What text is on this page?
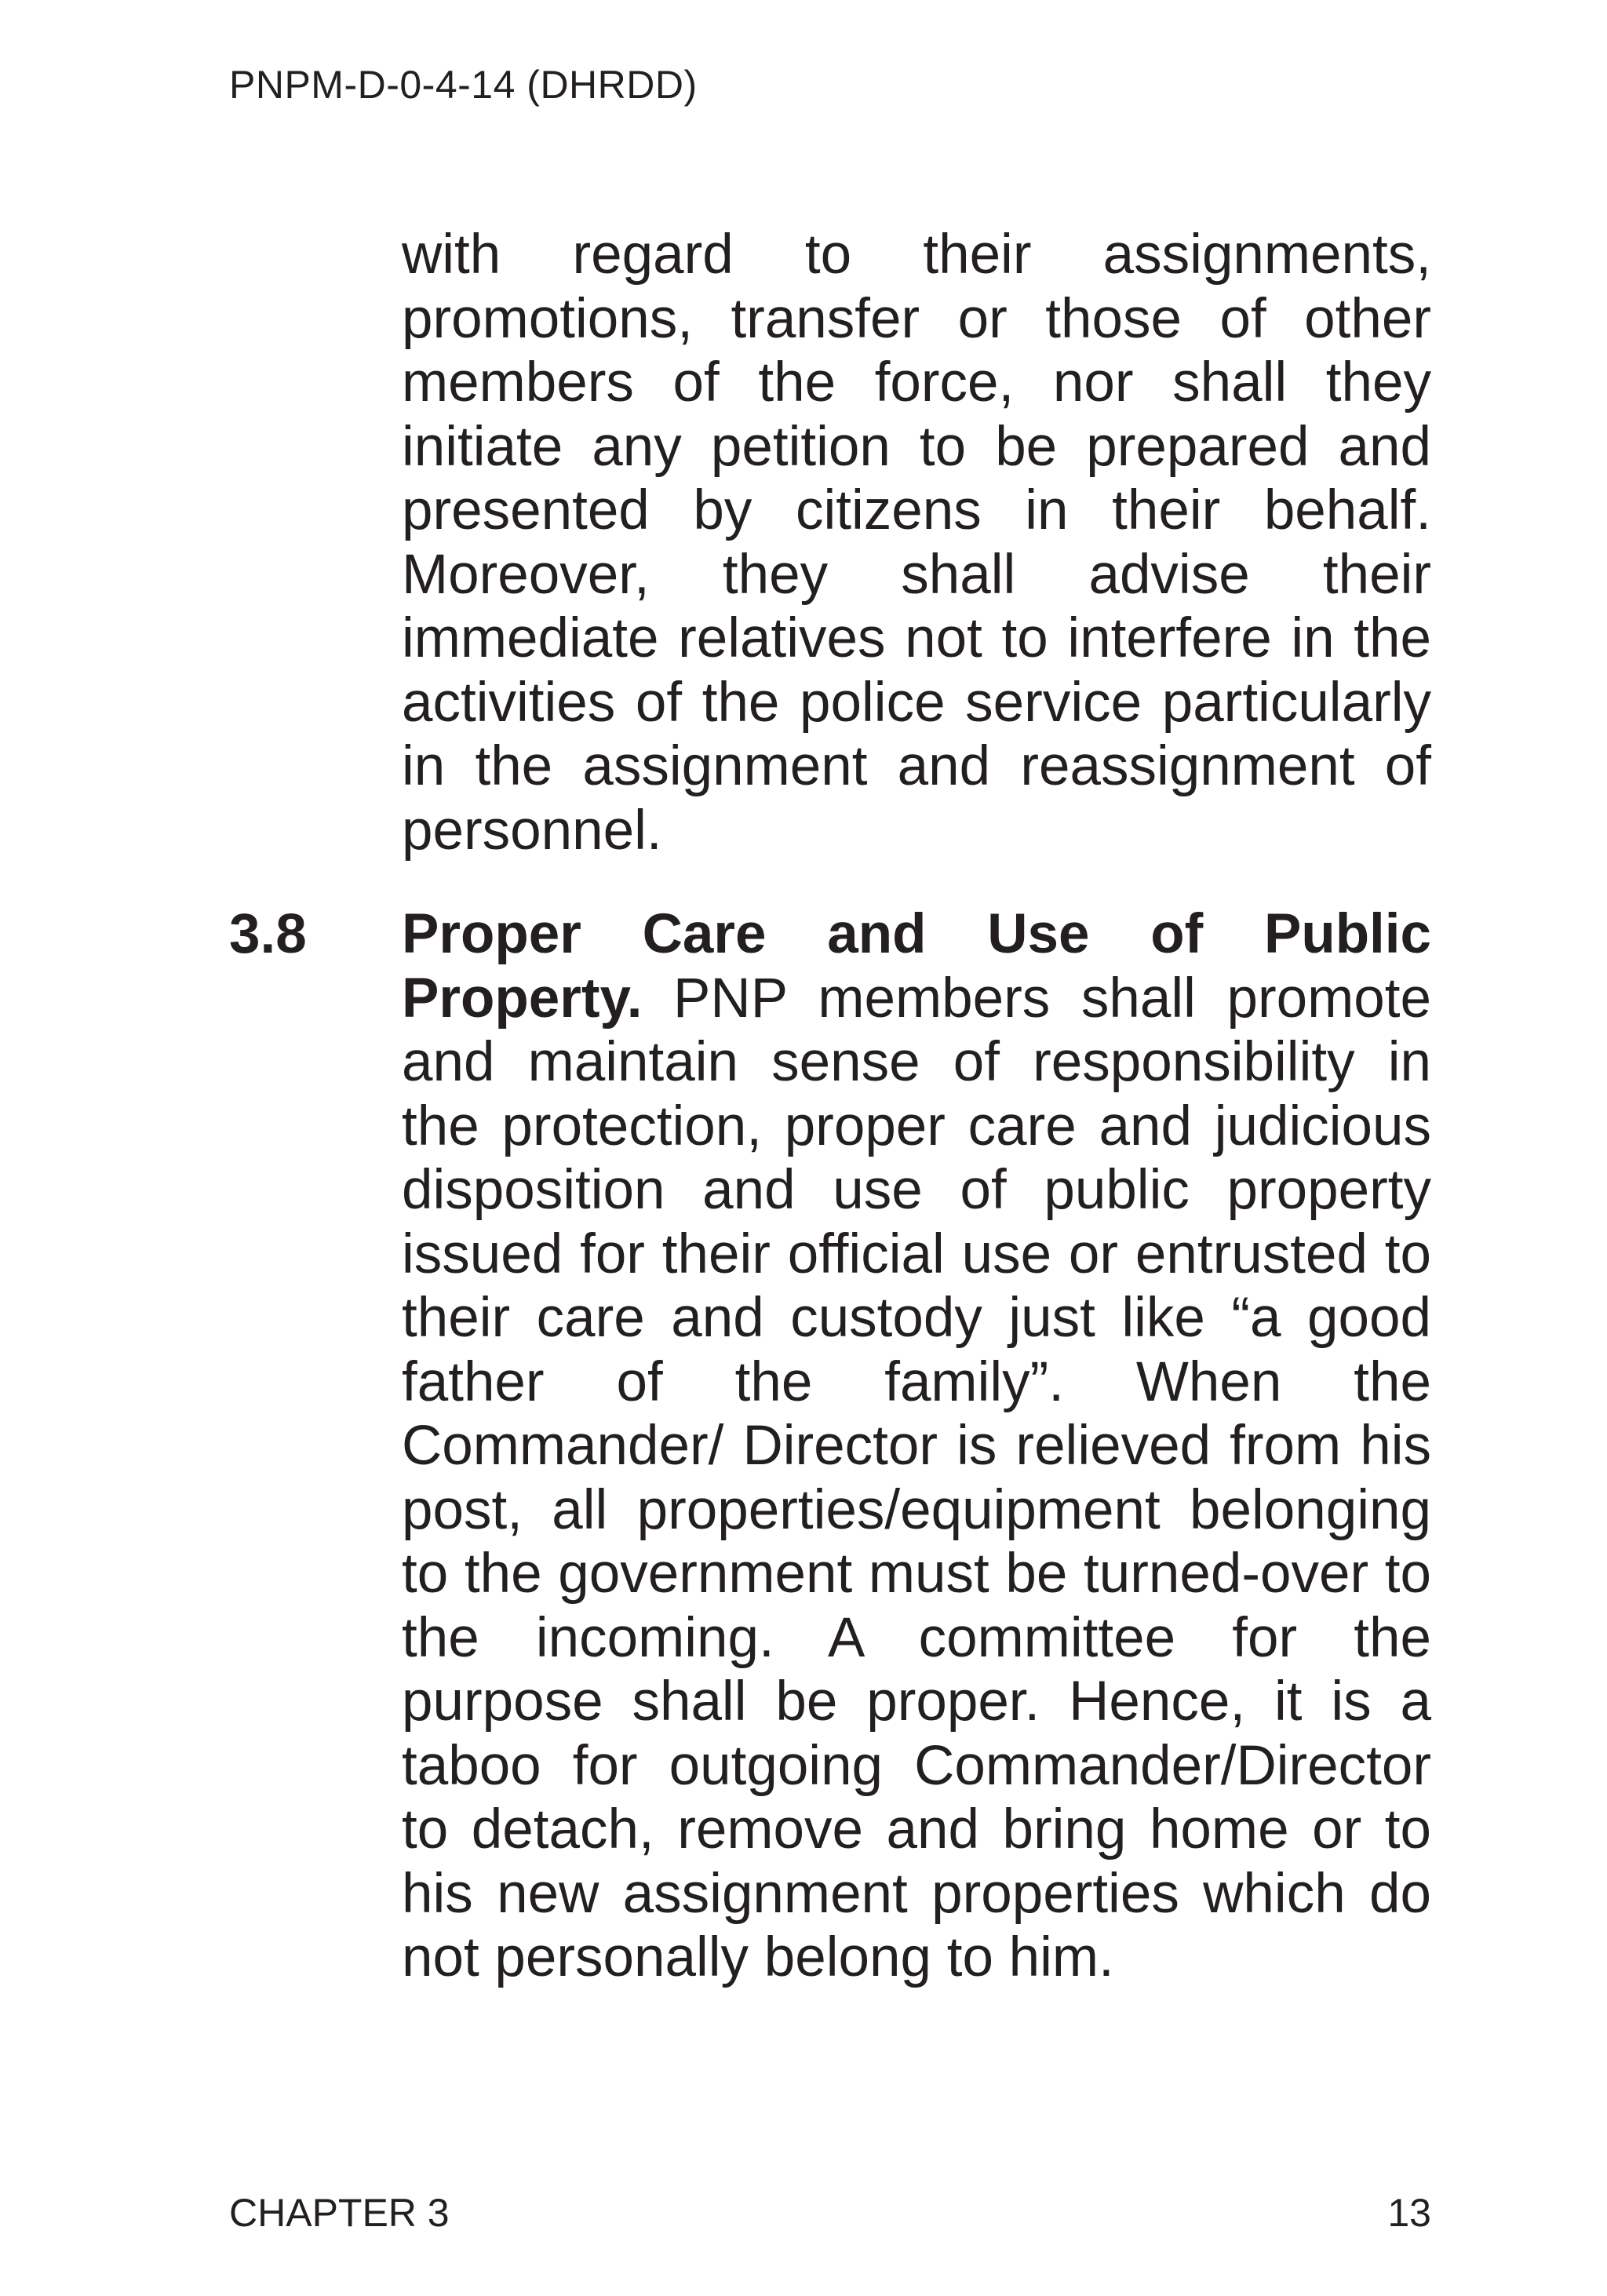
PNPM-D-0-4-14 (DHRDD)

with regard to their assignments, promotions, transfer or those of other members of the force, nor shall they initiate any petition to be prepared and presented by citizens in their behalf. Moreover, they shall advise their immediate relatives not to interfere in the activities of the police service particularly in the assignment and reassignment of personnel.

3.8 Proper Care and Use of Public Property. PNP members shall promote and maintain sense of responsibility in the protection, proper care and judicious disposition and use of public property issued for their official use or entrusted to their care and custody just like “a good father of the family”. When the Commander/ Director is relieved from his post, all properties/equipment belonging to the government must be turned-over to the incoming. A committee for the purpose shall be proper. Hence, it is a taboo for outgoing Commander/Director to detach, remove and bring home or to his new assignment properties which do not personally belong to him.

CHAPTER 3	13
